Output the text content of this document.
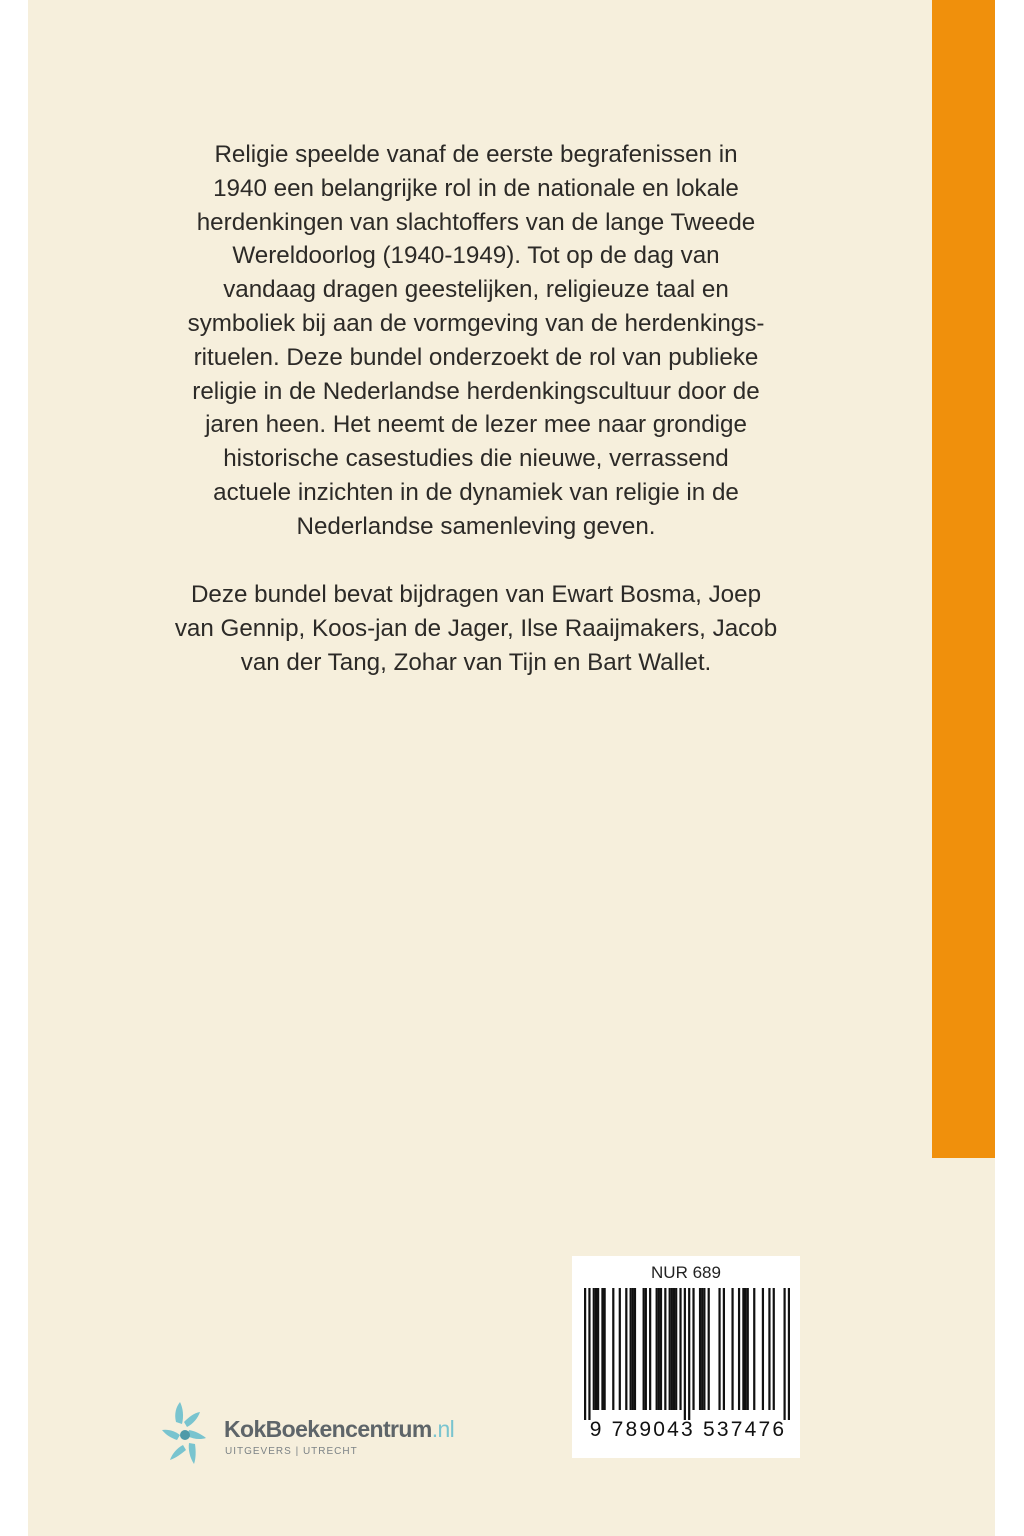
Religie speelde vanaf de eerste begrafenissen in
1940 een belangrijke rol in de nationale en lokale
herdenkingen van slachtoffers van de lange Tweede
Wereldoorlog (1940-1949). Tot op de dag van
vandaag dragen geestelijken, religieuze taal en
symboliek bij aan de vormgeving van de herdenkings-
rituelen. Deze bundel onderzoekt de rol van publieke
religie in de Nederlandse herdenkingscultuur door de
jaren heen. Het neemt de lezer mee naar grondige
historische casestudies die nieuwe, verrassend
actuele inzichten in de dynamiek van religie in de
Nederlandse samenleving geven.

Deze bundel bevat bijdragen van Ewart Bosma, Joep
van Gennip, Koos-jan de Jager, Ilse Raaijmakers, Jacob
van der Tang, Zohar van Tijn en Bart Wallet.

NUR 689
9 789043 537476
KokBoekencentrum.nl
UITGEVERS | UTRECHT
